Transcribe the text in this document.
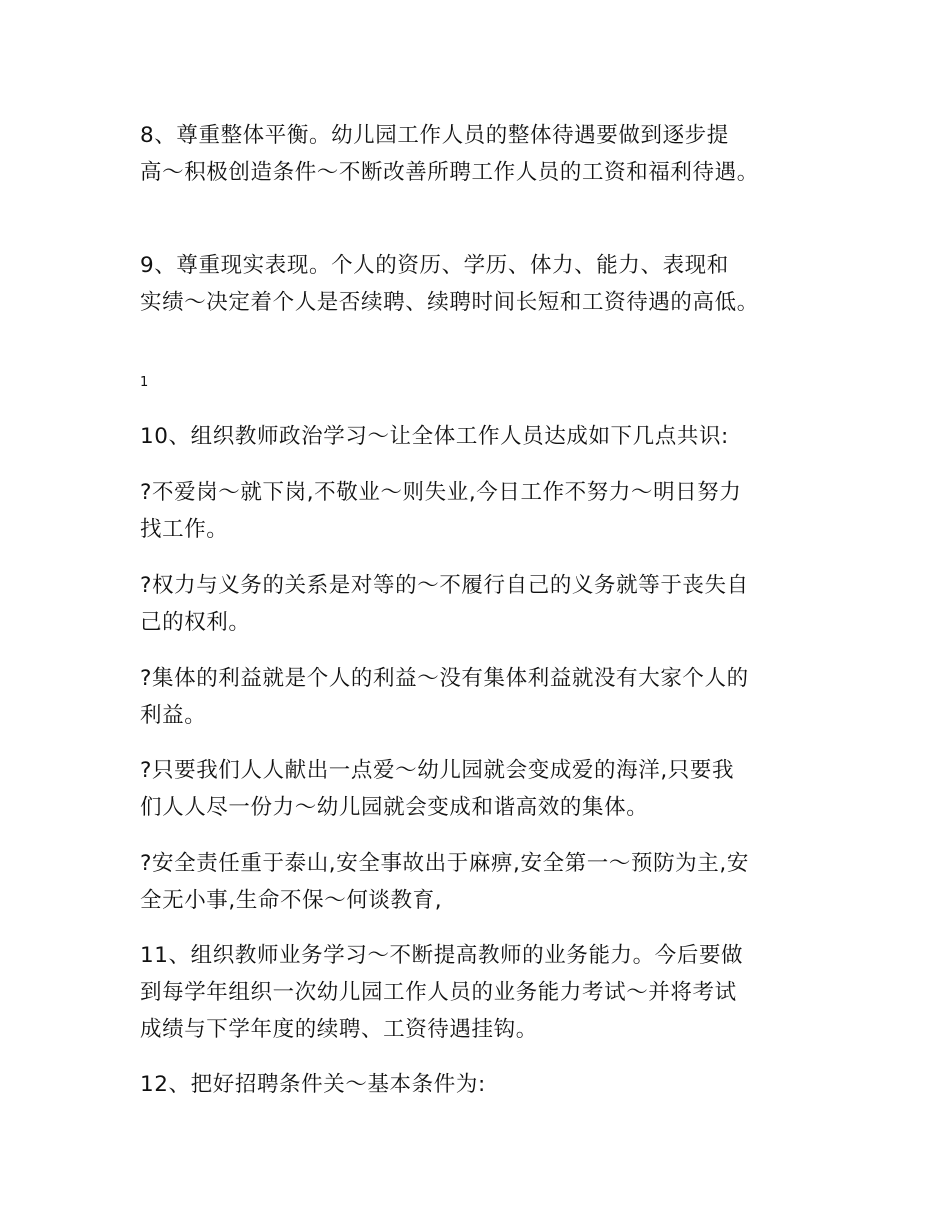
8、尊重整体平衡。幼儿园工作人员的整体待遇要做到逐步提
高～积极创造条件～不断改善所聘工作人员的工资和福利待遇。
9、尊重现实表现。个人的资历、学历、体力、能力、表现和
实绩～决定着个人是否续聘、续聘时间长短和工资待遇的高低。
1
10、组织教师政治学习～让全体工作人员达成如下几点共识:
?不爱岗～就下岗,不敬业～则失业,今日工作不努力～明日努力
找工作。
?权力与义务的关系是对等的～不履行自己的义务就等于丧失自
己的权利。
?集体的利益就是个人的利益～没有集体利益就没有大家个人的
利益。
?只要我们人人献出一点爱～幼儿园就会变成爱的海洋,只要我
们人人尽一份力～幼儿园就会变成和谐高效的集体。
?安全责任重于泰山,安全事故出于麻痹,安全第一～预防为主,安
全无小事,生命不保～何谈教育,
11、组织教师业务学习～不断提高教师的业务能力。今后要做
到每学年组织一次幼儿园工作人员的业务能力考试～并将考试
成绩与下学年度的续聘、工资待遇挂钩。
12、把好招聘条件关～基本条件为:
